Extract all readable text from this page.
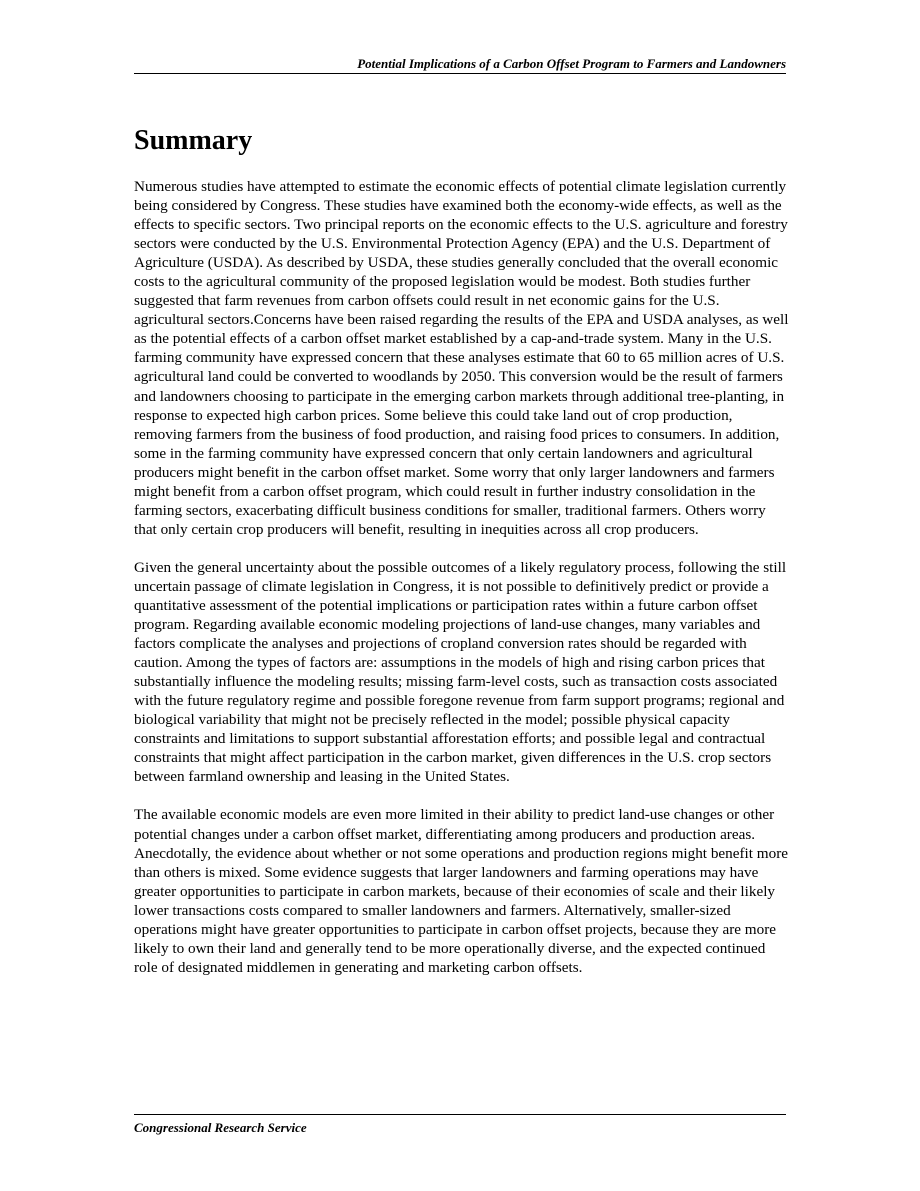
Potential Implications of a Carbon Offset Program to Farmers and Landowners
Summary

Numerous studies have attempted to estimate the economic effects of potential climate legislation currently being considered by Congress. These studies have examined both the economy-wide effects, as well as the effects to specific sectors. Two principal reports on the economic effects to the U.S. agriculture and forestry sectors were conducted by the U.S. Environmental Protection Agency (EPA) and the U.S. Department of Agriculture (USDA). As described by USDA, these studies generally concluded that the overall economic costs to the agricultural community of the proposed legislation would be modest. Both studies further suggested that farm revenues from carbon offsets could result in net economic gains for the U.S. agricultural sectors.Concerns have been raised regarding the results of the EPA and USDA analyses, as well as the potential effects of a carbon offset market established by a cap-and-trade system. Many in the U.S. farming community have expressed concern that these analyses estimate that 60 to 65 million acres of U.S. agricultural land could be converted to woodlands by 2050. This conversion would be the result of farmers and landowners choosing to participate in the emerging carbon markets through additional tree-planting, in response to expected high carbon prices. Some believe this could take land out of crop production, removing farmers from the business of food production, and raising food prices to consumers. In addition, some in the farming community have expressed concern that only certain landowners and agricultural producers might benefit in the carbon offset market. Some worry that only larger landowners and farmers might benefit from a carbon offset program, which could result in further industry consolidation in the farming sectors, exacerbating difficult business conditions for smaller, traditional farmers. Others worry that only certain crop producers will benefit, resulting in inequities across all crop producers.

Given the general uncertainty about the possible outcomes of a likely regulatory process, following the still uncertain passage of climate legislation in Congress, it is not possible to definitively predict or provide a quantitative assessment of the potential implications or participation rates within a future carbon offset program. Regarding available economic modeling projections of land-use changes, many variables and factors complicate the analyses and projections of cropland conversion rates should be regarded with caution. Among the types of factors are: assumptions in the models of high and rising carbon prices that substantially influence the modeling results; missing farm-level costs, such as transaction costs associated with the future regulatory regime and possible foregone revenue from farm support programs; regional and biological variability that might not be precisely reflected in the model; possible physical capacity constraints and limitations to support substantial afforestation efforts; and possible legal and contractual constraints that might affect participation in the carbon market, given differences in the U.S. crop sectors between farmland ownership and leasing in the United States.

The available economic models are even more limited in their ability to predict land-use changes or other potential changes under a carbon offset market, differentiating among producers and production areas. Anecdotally, the evidence about whether or not some operations and production regions might benefit more than others is mixed. Some evidence suggests that larger landowners and farming operations may have greater opportunities to participate in carbon markets, because of their economies of scale and their likely lower transactions costs compared to smaller landowners and farmers. Alternatively, smaller-sized operations might have greater opportunities to participate in carbon offset projects, because they are more likely to own their land and generally tend to be more operationally diverse, and the expected continued role of designated middlemen in generating and marketing carbon offsets.

Congressional Research Service
